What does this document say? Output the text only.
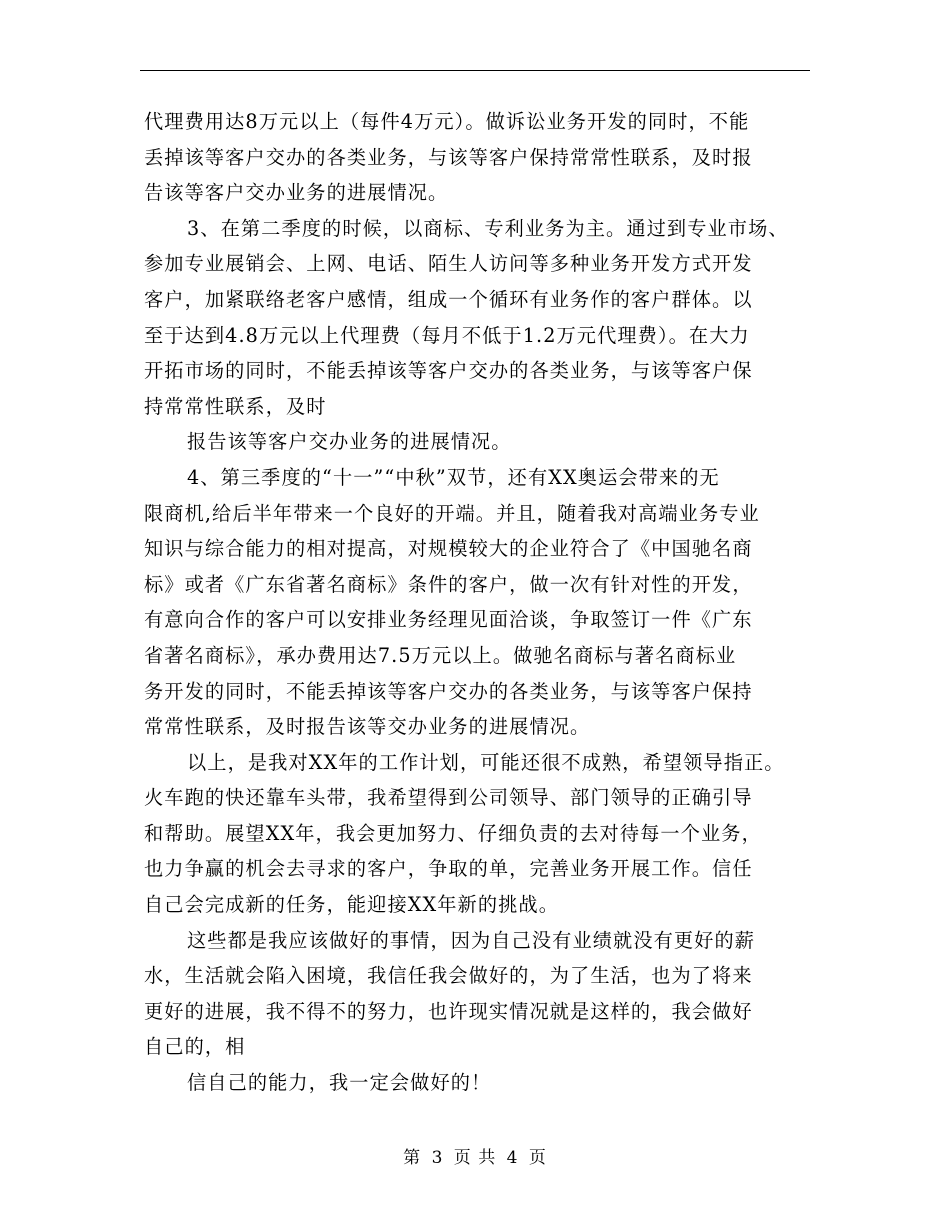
代理费用达8万元以上（每件4万元）。做诉讼业务开发的同时，不能
丢掉该等客户交办的各类业务，与该等客户保持常常性联系，及时报
告该等客户交办业务的进展情况。
3、在第二季度的时候，以商标、专利业务为主。通过到专业市场、
参加专业展销会、上网、电话、陌生人访问等多种业务开发方式开发
客户，加紧联络老客户感情，组成一个循环有业务作的客户群体。以
至于达到4.8万元以上代理费（每月不低于1.2万元代理费）。在大力
开拓市场的同时，不能丢掉该等客户交办的各类业务，与该等客户保
持常常性联系，及时
报告该等客户交办业务的进展情况。
4、第三季度的“十一”“中秋”双节，还有XX奥运会带来的无
限商机,给后半年带来一个良好的开端。并且，随着我对高端业务专业
知识与综合能力的相对提高，对规模较大的企业符合了《中国驰名商
标》或者《广东省著名商标》条件的客户，做一次有针对性的开发，
有意向合作的客户可以安排业务经理见面洽谈，争取签订一件《广东
省著名商标》，承办费用达7.5万元以上。做驰名商标与著名商标业
务开发的同时，不能丢掉该等客户交办的各类业务，与该等客户保持
常常性联系，及时报告该等交办业务的进展情况。
以上，是我对XX年的工作计划，可能还很不成熟，希望领导指正。
火车跑的快还靠车头带，我希望得到公司领导、部门领导的正确引导
和帮助。展望XX年，我会更加努力、仔细负责的去对待每一个业务，
也力争赢的机会去寻求的客户，争取的单，完善业务开展工作。信任
自己会完成新的任务，能迎接XX年新的挑战。
这些都是我应该做好的事情，因为自己没有业绩就没有更好的薪
水，生活就会陷入困境，我信任我会做好的，为了生活，也为了将来
更好的进展，我不得不的努力，也许现实情况就是这样的，我会做好
自己的，相
信自己的能力，我一定会做好的！
第 3 页 共 4 页
